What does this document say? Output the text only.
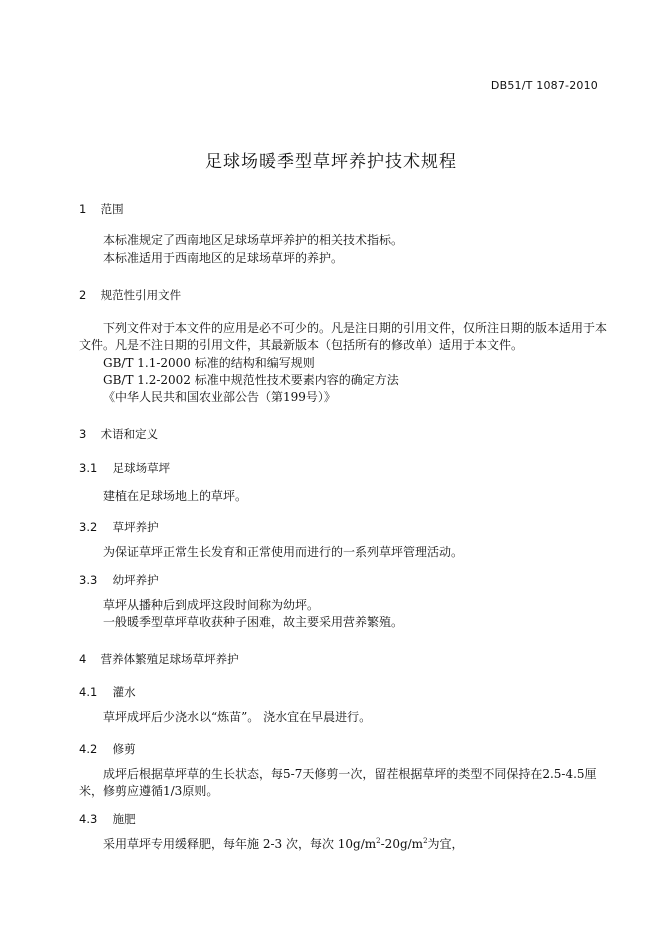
DB51/T 1087-2010
足球场暖季型草坪养护技术规程
1 范围
本标准规定了西南地区足球场草坪养护的相关技术指标。
本标准适用于西南地区的足球场草坪的养护。
2 规范性引用文件
下列文件对于本文件的应用是必不可少的。凡是注日期的引用文件，仅所注日期的版本适用于本文件。凡是不注日期的引用文件，其最新版本（包括所有的修改单）适用于本文件。
GB/T 1.1-2000 标准的结构和编写规则
GB/T 1.2-2002 标准中规范性技术要素内容的确定方法
《中华人民共和国农业部公告（第199号）》
3 术语和定义
3.1 足球场草坪
建植在足球场地上的草坪。
3.2 草坪养护
为保证草坪正常生长发育和正常使用而进行的一系列草坪管理活动。
3.3 幼坪养护
草坪从播种后到成坪这段时间称为幼坪。
一般暖季型草坪草收获种子困难，故主要采用营养繁殖。
4 营养体繁殖足球场草坪养护
4.1 灌水
草坪成坪后少浇水以“炼苗”。 浇水宜在早晨进行。
4.2 修剪
成坪后根据草坪草的生长状态，每5-7天修剪一次，留茬根据草坪的类型不同保持在2.5-4.5厘米，修剪应遵循1/3原则。
4.3 施肥
采用草坪专用缓释肥，每年施 2-3 次，每次 $10g/m^2-20g/m^2$为宜，
